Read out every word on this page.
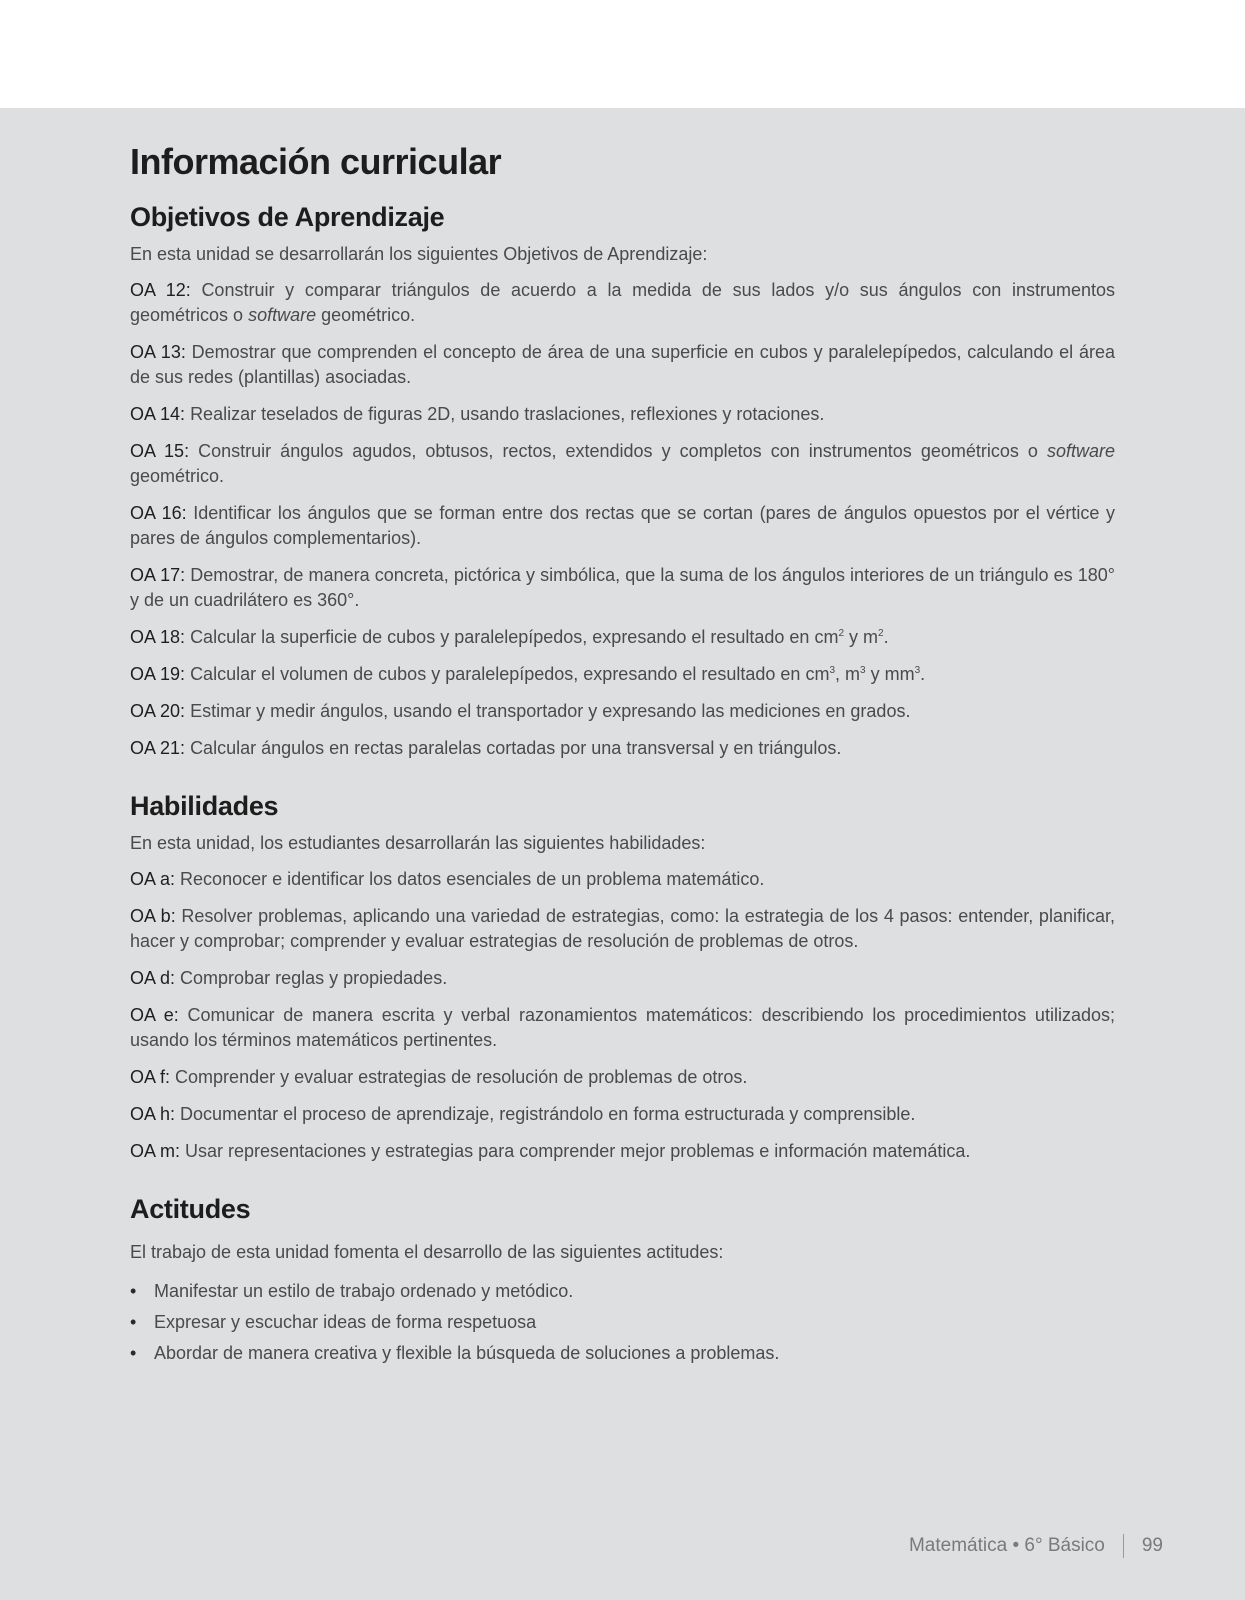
Información curricular
Objetivos de Aprendizaje

En esta unidad se desarrollarán los siguientes Objetivos de Aprendizaje:

OA 12: Construir y comparar triángulos de acuerdo a la medida de sus lados y/o sus ángulos con instrumentos geométricos o software geométrico.

OA 13: Demostrar que comprenden el concepto de área de una superficie en cubos y paralelepípedos, calculando el área de sus redes (plantillas) asociadas.

OA 14: Realizar teselados de figuras 2D, usando traslaciones, reflexiones y rotaciones.

OA 15: Construir ángulos agudos, obtusos, rectos, extendidos y completos con instrumentos geométricos o software geométrico.

OA 16: Identificar los ángulos que se forman entre dos rectas que se cortan (pares de ángulos opuestos por el vértice y pares de ángulos complementarios).

OA 17: Demostrar, de manera concreta, pictórica y simbólica, que la suma de los ángulos interiores de un triángulo es 180° y de un cuadrilátero es 360°.

OA 18: Calcular la superficie de cubos y paralelepípedos, expresando el resultado en $cm^2$ y $m^2$.

OA 19: Calcular el volumen de cubos y paralelepípedos, expresando el resultado en $cm^3$, $m^3$ y $mm^3$.

OA 20: Estimar y medir ángulos, usando el transportador y expresando las mediciones en grados.

OA 21: Calcular ángulos en rectas paralelas cortadas por una transversal y en triángulos.

Habilidades

En esta unidad, los estudiantes desarrollarán las siguientes habilidades:

OA a: Reconocer e identificar los datos esenciales de un problema matemático.

OA b: Resolver problemas, aplicando una variedad de estrategias, como: la estrategia de los 4 pasos: entender, planificar, hacer y comprobar; comprender y evaluar estrategias de resolución de problemas de otros.

OA d: Comprobar reglas y propiedades.

OA e: Comunicar de manera escrita y verbal razonamientos matemáticos: describiendo los procedimientos utilizados; usando los términos matemáticos pertinentes.

OA f: Comprender y evaluar estrategias de resolución de problemas de otros.

OA h: Documentar el proceso de aprendizaje, registrándolo en forma estructurada y comprensible.

OA m: Usar representaciones y estrategias para comprender mejor problemas e información matemática.

Actitudes

El trabajo de esta unidad fomenta el desarrollo de las siguientes actitudes:

• Manifestar un estilo de trabajo ordenado y metódico.
• Expresar y escuchar ideas de forma respetuosa
• Abordar de manera creativa y flexible la búsqueda de soluciones a problemas.
Matemática • 6° Básico 99
